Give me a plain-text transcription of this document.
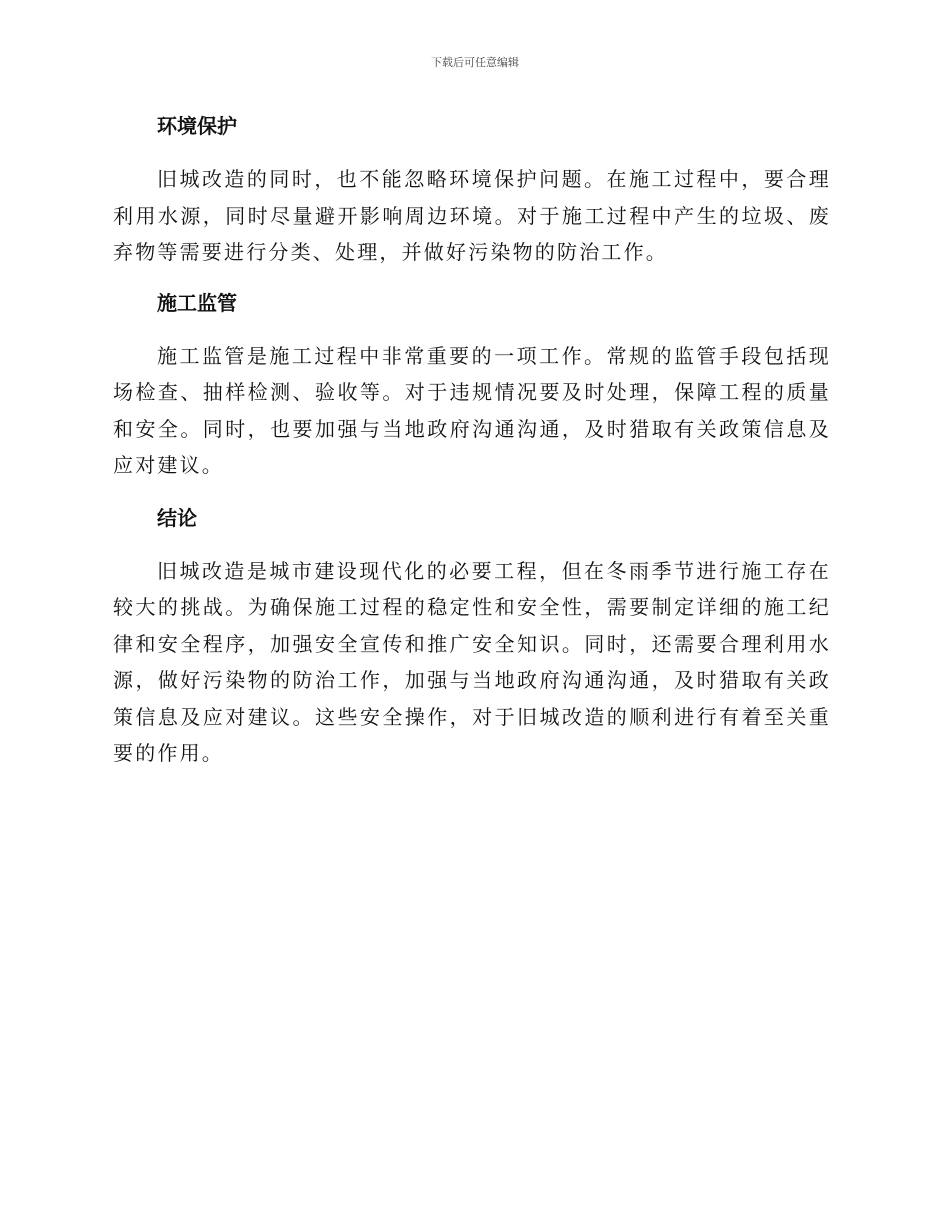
下载后可任意编辑
环境保护

旧城改造的同时，也不能忽略环境保护问题。在施工过程中，要合理利用水源，同时尽量避开影响周边环境。对于施工过程中产生的垃圾、废弃物等需要进行分类、处理，并做好污染物的防治工作。

施工监管

施工监管是施工过程中非常重要的一项工作。常规的监管手段包括现场检查、抽样检测、验收等。对于违规情况要及时处理，保障工程的质量和安全。同时，也要加强与当地政府沟通沟通，及时猎取有关政策信息及应对建议。

结论

旧城改造是城市建设现代化的必要工程，但在冬雨季节进行施工存在较大的挑战。为确保施工过程的稳定性和安全性，需要制定详细的施工纪律和安全程序，加强安全宣传和推广安全知识。同时，还需要合理利用水源，做好污染物的防治工作，加强与当地政府沟通沟通，及时猎取有关政策信息及应对建议。这些安全操作，对于旧城改造的顺利进行有着至关重要的作用。
